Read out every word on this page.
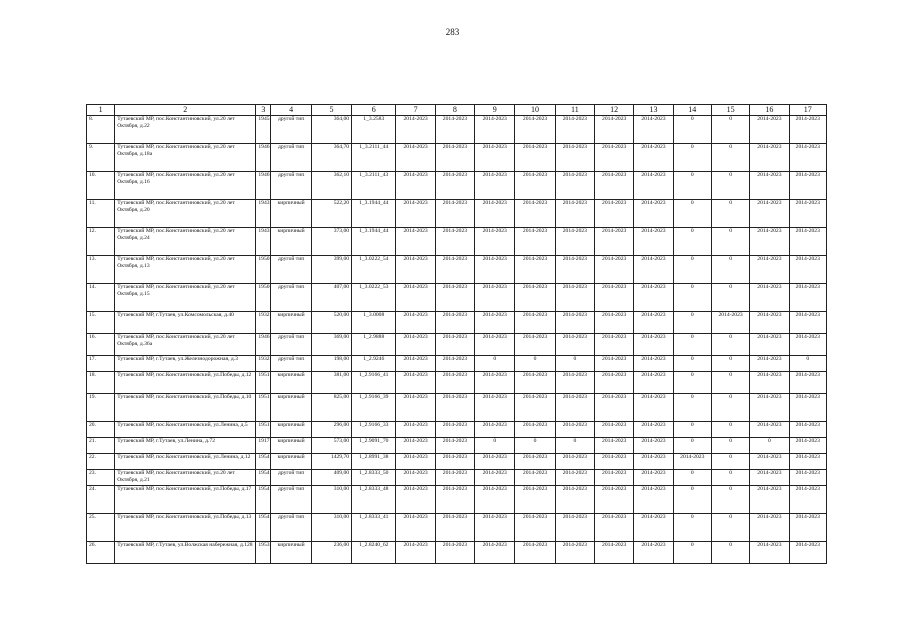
283
1	2	3	4	5	6	7	8	9	10	11	12	13	14	15	16	17
8.	Тутаевский МР, пос.Константиновский, ул.20 лет Октября, д.22	1945	другой тип	364,00	1_3.2583	2014-2023	2014-2023	2014-2023	2014-2023	2014-2023	2014-2023	2014-2023	0	0	2014-2023	2014-2023
9.	Тутаевский МР, пос.Константиновский, ул.20 лет Октября, д.18а	1946	другой тип	364,70	1_3.2111_44	2014-2023	2014-2023	2014-2023	2014-2023	2014-2023	2014-2023	2014-2023	0	0	2014-2023	2014-2023
10.	Тутаевский МР, пос.Константиновский, ул.20 лет Октября, д.16	1946	другой тип	362,10	1_3.2111_43	2014-2023	2014-2023	2014-2023	2014-2023	2014-2023	2014-2023	2014-2023	0	0	2014-2023	2014-2023
11.	Тутаевский МР, пос.Константиновский, ул.20 лет Октября, д.20	1943	кирпичный	522,20	1_3.1944_44	2014-2023	2014-2023	2014-2023	2014-2023	2014-2023	2014-2023	2014-2023	0	0	2014-2023	2014-2023
12.	Тутаевский МР, пос.Константиновский, ул.20 лет Октября, д.24	1943	кирпичный	373,00	1_3.1944_44	2014-2023	2014-2023	2014-2023	2014-2023	2014-2023	2014-2023	2014-2023	0	0	2014-2023	2014-2023
13.	Тутаевский МР, пос.Константиновский, ул.20 лет Октября, д.13	1950	другой тип	399,00	1_3.0222_54	2014-2023	2014-2023	2014-2023	2014-2023	2014-2023	2014-2023	2014-2023	0	0	2014-2023	2014-2023
14.	Тутаевский МР, пос.Константиновский, ул.20 лет Октября, д.15	1950	другой тип	407,00	1_3.0222_53	2014-2023	2014-2023	2014-2023	2014-2023	2014-2023	2014-2023	2014-2023	0	0	2014-2023	2014-2023
15.	Тутаевский МР, г.Тутаев, ул.Комсомольская, д.40	1932	кирпичный	520,00	1_3.0008	2014-2023	2014-2023	2014-2023	2014-2023	2014-2023	2014-2023	2014-2023	0	2014-2023	2014-2023	2014-2023
16.	Тутаевский МР, пос.Константиновский, ул.20 лет Октября, д.36а	1946	другой тип	369,00	1_2.9888	2014-2023	2014-2023	2014-2023	2014-2023	2014-2023	2014-2023	2014-2023	0	0	2014-2023	2014-2023
17.	Тутаевский МР, г.Тутаев, ул.Железнодорожная, д.3	1932	другой тип	198,00	1_2.9246	2014-2023	2014-2023	0	0	0	2014-2023	2014-2023	0	0	2014-2023	0
18.	Тутаевский МР, пос.Константиновский, ул.Победы, д.12	1951	кирпичный	381,00	1_2.9166_41	2014-2023	2014-2023	2014-2023	2014-2023	2014-2023	2014-2023	2014-2023	0	0	2014-2023	2014-2023
19.	Тутаевский МР, пос.Константиновский, ул.Победы, д.10	1951	кирпичный	825,00	1_2.9166_39	2014-2023	2014-2023	2014-2023	2014-2023	2014-2023	2014-2023	2014-2023	0	0	2014-2023	2014-2023
20.	Тутаевский МР, пос.Константиновский, ул.Ленина, д.5	1951	кирпичный	296,00	1_2.9166_33	2014-2023	2014-2023	2014-2023	2014-2023	2014-2023	2014-2023	2014-2023	0	0	2014-2023	2014-2023
21.	Тутаевский МР, г.Тутаев, ул.Ленина, д.72	1917	кирпичный	573,00	1_2.9091_70	2014-2023	2014-2023	0	0	0	2014-2023	2014-2023	0	0	0	2014-2023
22.	Тутаевский МР, пос.Константиновский, ул.Ленина, д.12	1954	кирпичный	1429,70	1_2.8991_38	2014-2023	2014-2023	2014-2023	2014-2023	2014-2023	2014-2023	2014-2023	2014-2023	0	2014-2023	2014-2023
23.	Тутаевский МР, пос.Константиновский, ул.20 лет Октября, д.21	1954	другой тип	409,00	1_2.8333_50	2014-2023	2014-2023	2014-2023	2014-2023	2014-2023	2014-2023	2014-2023	0	0	2014-2023	2014-2023
24.	Тутаевский МР, пос.Константиновский, ул.Победы, д.17	1954	другой тип	310,00	1_2.8333_48	2014-2023	2014-2023	2014-2023	2014-2023	2014-2023	2014-2023	2014-2023	0	0	2014-2023	2014-2023
25.	Тутаевский МР, пос.Константиновский, ул.Победы, д.13	1954	другой тип	310,00	1_2.8333_41	2014-2023	2014-2023	2014-2023	2014-2023	2014-2023	2014-2023	2014-2023	0	0	2014-2023	2014-2023
26.	Тутаевский МР, г.Тутаев, ул.Волжская набережная, д.128	1953	кирпичный	236,00	1_2.8240_62	2014-2023	2014-2023	2014-2023	2014-2023	2014-2023	2014-2023	2014-2023	0	0	2014-2023	2014-2023
